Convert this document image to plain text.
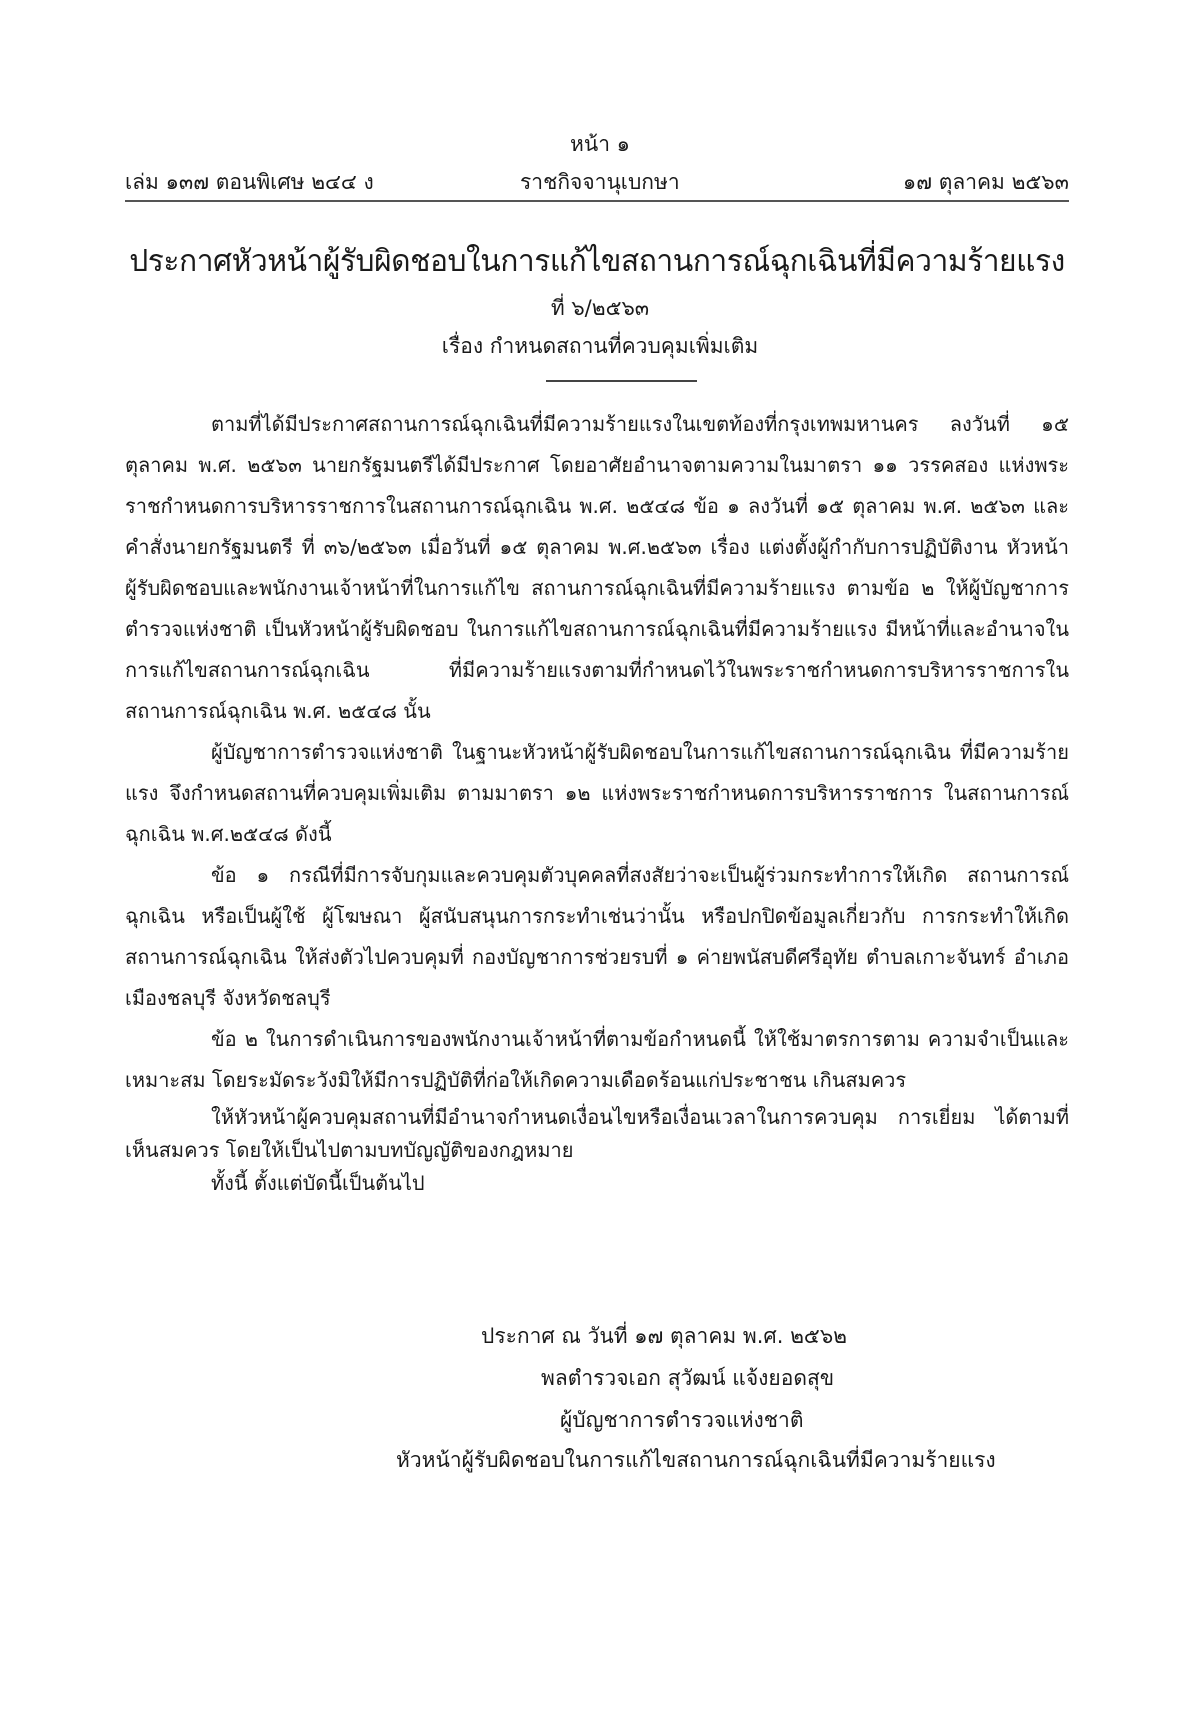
หน้า ๑
เล่ม ๑๓๗ ตอนพิเศษ ๒๔๔ ง	ราชกิจจานุเบกษา	๑๗ ตุลาคม ๒๕๖๓
ประกาศหัวหน้าผู้รับผิดชอบในการแก้ไขสถานการณ์ฉุกเฉินที่มีความร้ายแรง
ที่ ๖/๒๕๖๓
เรื่อง กำหนดสถานที่ควบคุมเพิ่มเติม

ตามที่ได้มีประกาศสถานการณ์ฉุกเฉินที่มีความร้ายแรงในเขตท้องที่กรุงเทพมหานคร ลงวันที่ ๑๕ ตุลาคม พ.ศ. ๒๕๖๓ นายกรัฐมนตรีได้มีประกาศ โดยอาศัยอำนาจตามความในมาตรา ๑๑ วรรคสอง แห่งพระราชกำหนดการบริหารราชการในสถานการณ์ฉุกเฉิน พ.ศ. ๒๕๔๘ ข้อ ๑ ลงวันที่ ๑๕ ตุลาคม พ.ศ. ๒๕๖๓ และ คำสั่งนายกรัฐมนตรี ที่ ๓๖/๒๕๖๓ เมื่อวันที่ ๑๕ ตุลาคม พ.ศ.๒๕๖๓ เรื่อง แต่งตั้งผู้กำกับการปฏิบัติงาน หัวหน้าผู้รับผิดชอบและพนักงานเจ้าหน้าที่ในการแก้ไข สถานการณ์ฉุกเฉินที่มีความร้ายแรง ตามข้อ ๒ ให้ผู้บัญชาการตำรวจแห่งชาติ เป็นหัวหน้าผู้รับผิดชอบ ในการแก้ไขสถานการณ์ฉุกเฉินที่มีความร้ายแรง มีหน้าที่และอำนาจในการแก้ไขสถานการณ์ฉุกเฉิน ที่มีความร้ายแรงตามที่กำหนดไว้ในพระราชกำหนดการบริหารราชการในสถานการณ์ฉุกเฉิน พ.ศ. ๒๕๔๘ นั้น

ผู้บัญชาการตำรวจแห่งชาติ ในฐานะหัวหน้าผู้รับผิดชอบในการแก้ไขสถานการณ์ฉุกเฉิน ที่มีความร้ายแรง จึงกำหนดสถานที่ควบคุมเพิ่มเติม ตามมาตรา ๑๒ แห่งพระราชกำหนดการบริหารราชการ ในสถานการณ์ฉุกเฉิน พ.ศ.๒๕๔๘ ดังนี้

ข้อ ๑ กรณีที่มีการจับกุมและควบคุมตัวบุคคลที่สงสัยว่าจะเป็นผู้ร่วมกระทำการให้เกิด สถานการณ์ฉุกเฉิน หรือเป็นผู้ใช้ ผู้โฆษณา ผู้สนับสนุนการกระทำเช่นว่านั้น หรือปกปิดข้อมูลเกี่ยวกับ การกระทำให้เกิดสถานการณ์ฉุกเฉิน ให้ส่งตัวไปควบคุมที่ กองบัญชาการช่วยรบที่ ๑ ค่ายพนัสบดีศรีอุทัย ตำบลเกาะจันทร์ อำเภอเมืองชลบุรี จังหวัดชลบุรี

ข้อ ๒ ในการดำเนินการของพนักงานเจ้าหน้าที่ตามข้อกำหนดนี้ ให้ใช้มาตรการตาม ความจำเป็นและเหมาะสม โดยระมัดระวังมิให้มีการปฏิบัติที่ก่อให้เกิดความเดือดร้อนแก่ประชาชน เกินสมควร

ให้หัวหน้าผู้ควบคุมสถานที่มีอำนาจกำหนดเงื่อนไขหรือเงื่อนเวลาในการควบคุม การเยี่ยม ได้ตามที่เห็นสมควร โดยให้เป็นไปตามบทบัญญัติของกฎหมาย

ทั้งนี้ ตั้งแต่บัดนี้เป็นต้นไป

ประกาศ ณ วันที่ ๑๗ ตุลาคม พ.ศ. ๒๕๖๒
พลตำรวจเอก สุวัฒน์ แจ้งยอดสุข
ผู้บัญชาการตำรวจแห่งชาติ
หัวหน้าผู้รับผิดชอบในการแก้ไขสถานการณ์ฉุกเฉินที่มีความร้ายแรง
